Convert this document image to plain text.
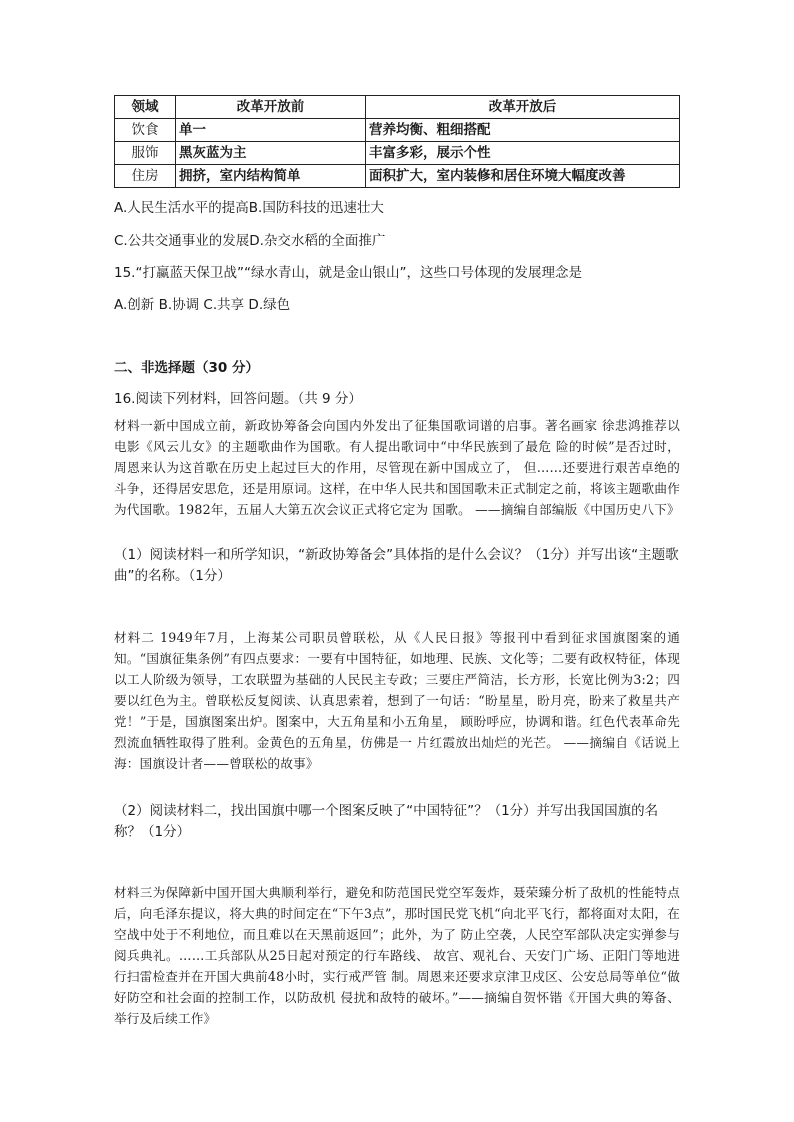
领域	改革开放前	改革开放后
饮食	单一	营养均衡、粗细搭配
服饰	黑灰蓝为主	丰富多彩，展示个性
住房	拥挤，室内结构简单	面积扩大，室内装修和居住环境大幅度改善
A.人民生活水平的提高B.国防科技的迅速壮大
C.公共交通事业的发展D.杂交水稻的全面推广
15.“打赢蓝天保卫战”“绿水青山，就是金山银山”，这些口号体现的发展理念是
A.创新 B.协调 C.共享 D.绿色
二、非选择题（30 分）
16.阅读下列材料，回答问题。（共 9 分）
材料一新中国成立前，新政协筹备会向国内外发出了征集国歌词谱的启事。著名画家 徐悲鸿推荐以电影《风云儿女》的主题歌曲作为国歌。有人提出歌词中“中华民族到了最危 险的时候”是否过时，周恩来认为这首歌在历史上起过巨大的作用，尽管现在新中国成立了， 但……还要进行艰苦卓绝的斗争，还得居安思危，还是用原词。这样，在中华人民共和国国歌未正式制定之前，将该主题歌曲作为代国歌。1982年，五届人大第五次会议正式将它定为 国歌。 ——摘编自部编版《中国历史八下》
（1）阅读材料一和所学知识，“新政协筹备会”具体指的是什么会议？（1分）并写出该“主题歌曲”的名称。（1分）
材料二 1949年7月，上海某公司职员曾联松，从《人民日报》等报刊中看到征求国旗图案的通知。“国旗征集条例”有四点要求：一要有中国特征，如地理、民族、文化等；二要有政权特征，体现以工人阶级为领导，工农联盟为基础的人民民主专政；三要庄严简洁，长方形，长宽比例为3:2；四要以红色为主。曾联松反复阅读、认真思索着，想到了一句话：“盼星星，盼月亮，盼来了救星共产党！”于是，国旗图案出炉。图案中，大五角星和小五角星， 顾盼呼应，协调和谐。红色代表革命先烈流血牺牲取得了胜利。金黄色的五角星，仿佛是一 片红霞放出灿烂的光芒。 ——摘编自《话说上海：国旗设计者——曾联松的故事》
（2）阅读材料二，找出国旗中哪一个图案反映了“中国特征”？（1分）并写出我国国旗的名称？（1分）
材料三为保障新中国开国大典顺利举行，避免和防范国民党空军轰炸，聂荣臻分析了敌机的性能特点后，向毛泽东提议，将大典的时间定在“下午3点”，那时国民党飞机“向北平飞行，都将面对太阳，在空战中处于不利地位，而且难以在天黑前返回”；此外，为了 防止空袭，人民空军部队决定实弹参与阅兵典礼。……工兵部队从25日起对预定的行车路线、 故宫、观礼台、天安门广场、正阳门等地进行扫雷检查并在开国大典前48小时，实行戒严管 制。周恩来还要求京津卫戍区、公安总局等单位“做好防空和社会面的控制工作，以防敌机 侵扰和敌特的破坏。”——摘编自贺怀锴《开国大典的筹备、举行及后续工作》
